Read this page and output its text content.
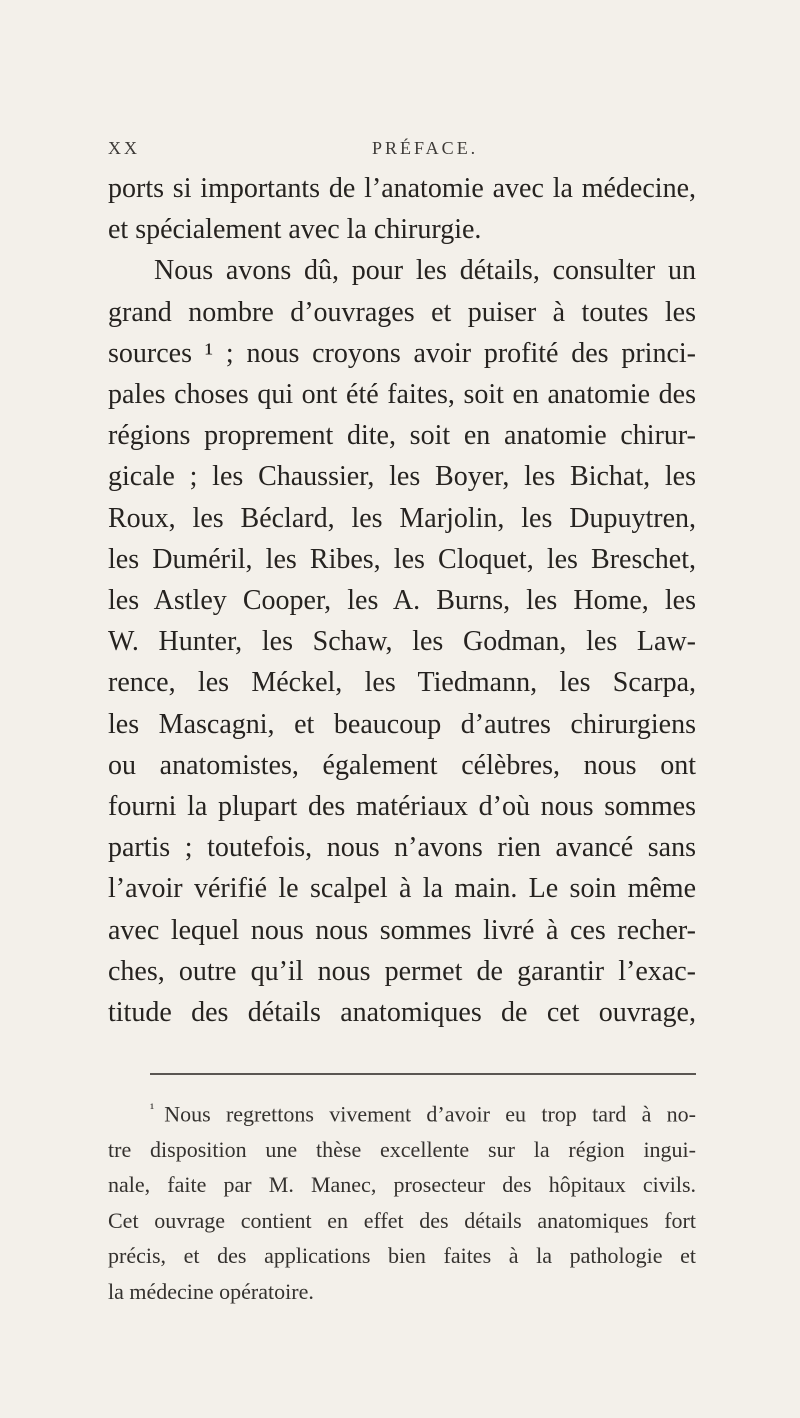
XX	PRÉFACE.
ports si importants de l’anatomie avec la médecine,
et spécialement avec la chirurgie.
Nous avons dû, pour les détails, consulter un
grand nombre d’ouvrages et puiser à toutes les
sources ¹ ; nous croyons avoir profité des princi-
pales choses qui ont été faites, soit en anatomie des
régions proprement dite, soit en anatomie chirur-
gicale ; les Chaussier, les Boyer, les Bichat, les
Roux, les Béclard, les Marjolin, les Dupuytren,
les Duméril, les Ribes, les Cloquet, les Breschet,
les Astley Cooper, les A. Burns, les Home, les
W. Hunter, les Schaw, les Godman, les Law-
rence, les Méckel, les Tiedmann, les Scarpa,
les Mascagni, et beaucoup d’autres chirurgiens
ou anatomistes, également célèbres, nous ont
fourni la plupart des matériaux d’où nous sommes
partis ; toutefois, nous n’avons rien avancé sans
l’avoir vérifié le scalpel à la main. Le soin même
avec lequel nous nous sommes livré à ces recher-
ches, outre qu’il nous permet de garantir l’exac-
titude des détails anatomiques de cet ouvrage,
$^{^1}$ Nous regrettons vivement d’avoir eu trop tard à no-
tre disposition une thèse excellente sur la région ingui-
nale, faite par M. Manec, prosecteur des hôpitaux civils.
Cet ouvrage contient en effet des détails anatomiques fort
précis, et des applications bien faites à la pathologie et
la médecine opératoire.
